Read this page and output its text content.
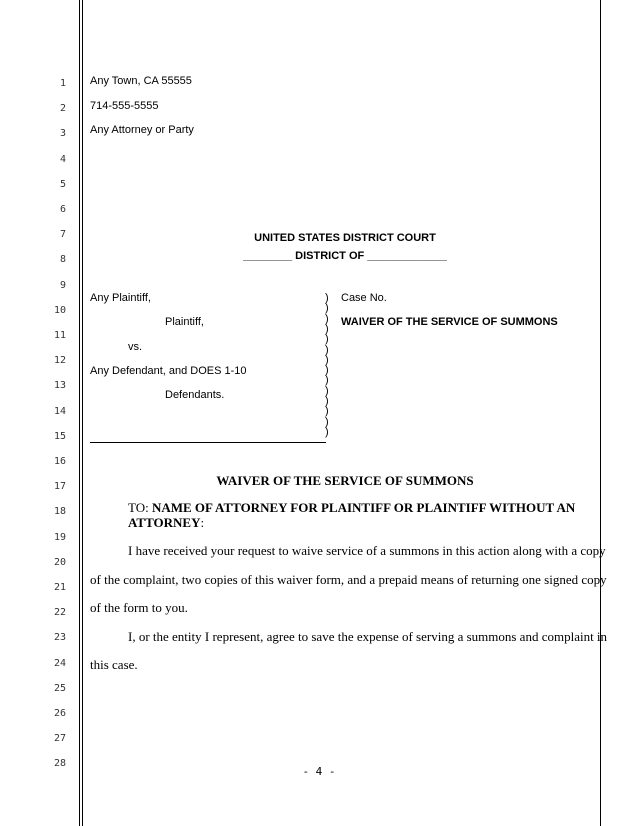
1
2
3
4
5
6
7
8
9
10
11
12
13
14
15
16
17
18
19
20
21
22
23
24
25
26
27
28
Any Town, CA 55555
714-555-5555
Any Attorney or Party
UNITED STATES DISTRICT COURT
________ DISTRICT OF _____________
Any Plaintiff,
Plaintiff,
vs.
Any Defendant, and DOES 1-10
Defendants.
)
)
)
)
)
)
)
)
)
)
)
)
)
)
Case No.
WAIVER OF THE SERVICE OF SUMMONS
WAIVER OF THE SERVICE OF SUMMONS
TO: NAME OF ATTORNEY FOR PLAINTIFF OR PLAINTIFF WITHOUT AN
ATTORNEY:
I have received your request to waive service of a summons in this action along with a copy
of the complaint, two copies of this waiver form, and a prepaid means of returning one signed copy
of the form to you.
I, or the entity I represent, agree to save the expense of serving a summons and complaint in
this case.
- 4 -
